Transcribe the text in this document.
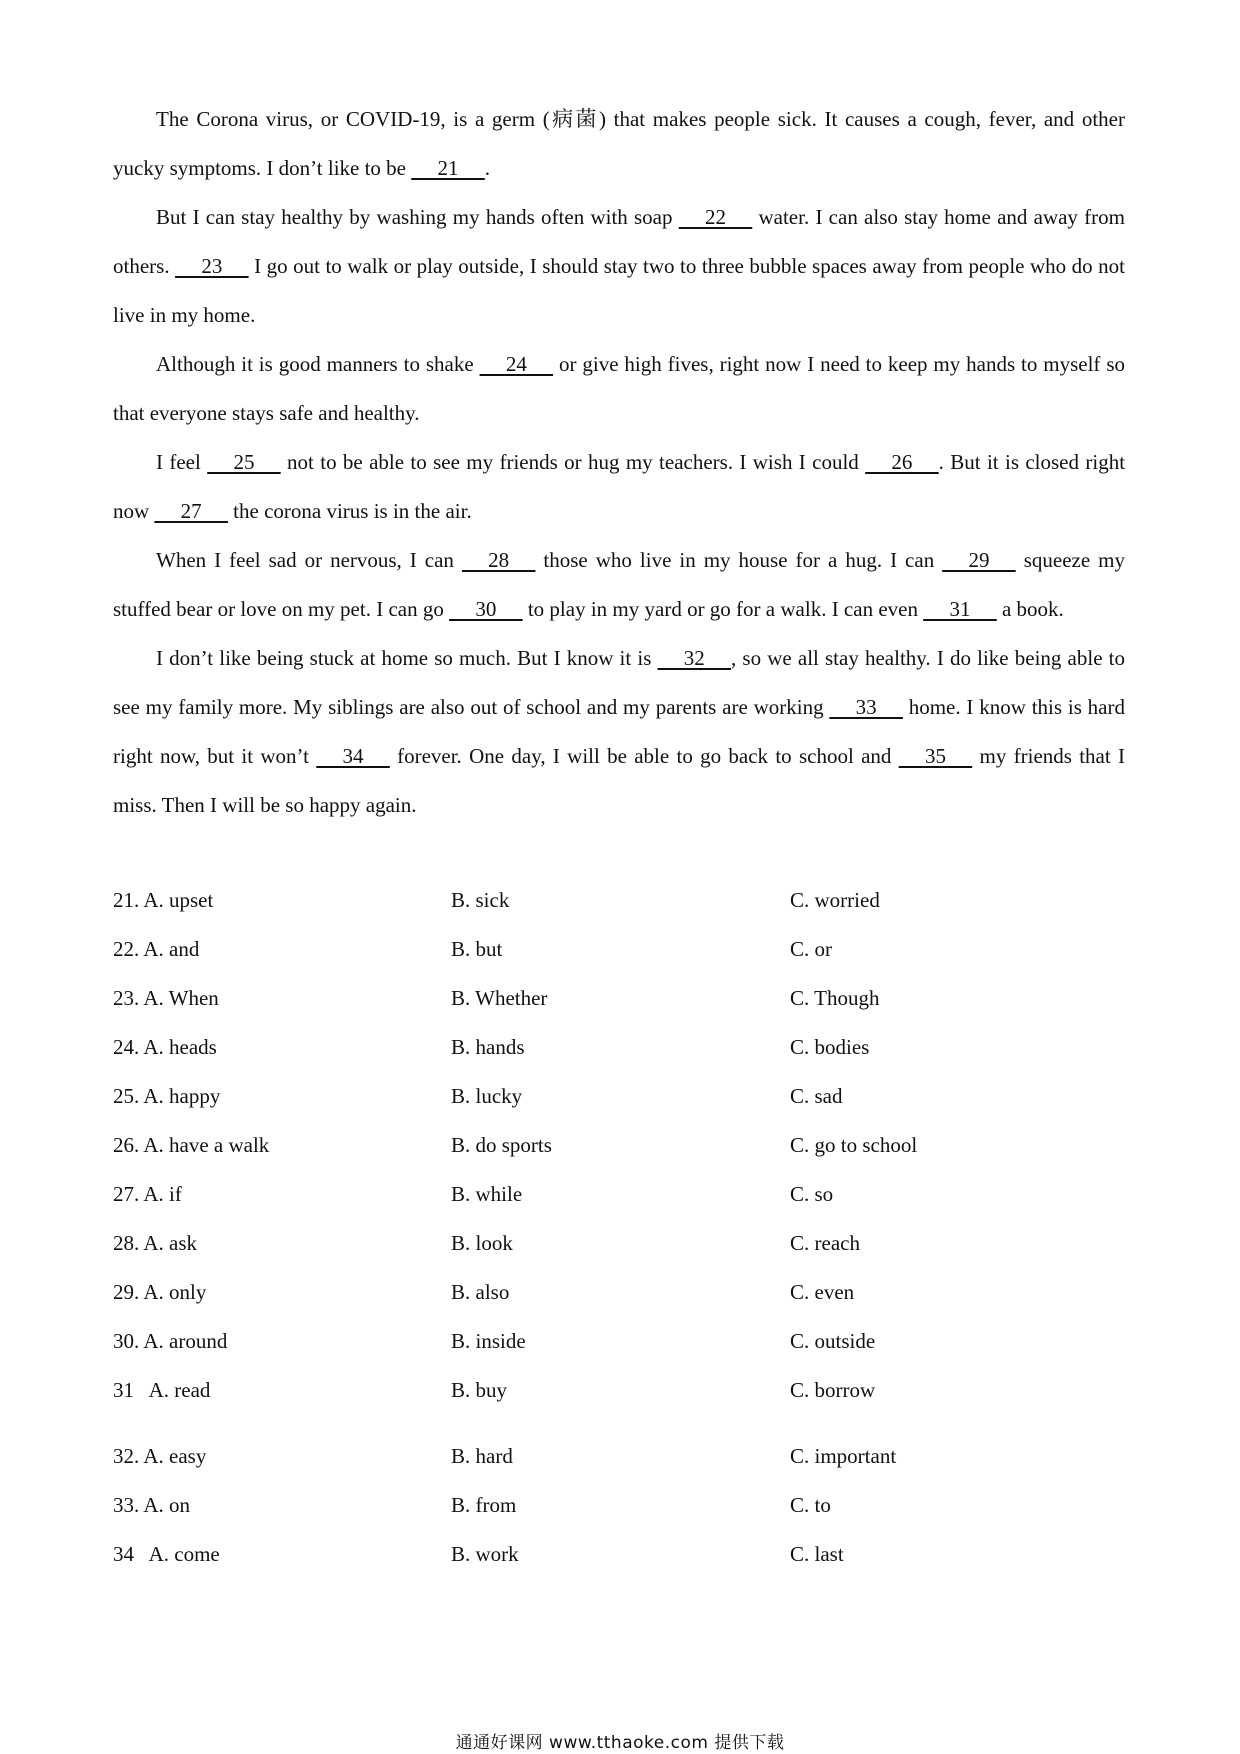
The Corona virus, or COVID-19, is a germ (病菌) that makes people sick. It causes a cough, fever, and other yucky symptoms. I don’t like to be      21     .

But I can stay healthy by washing my hands often with soap      22      water. I can also stay home and away from others.      23      I go out to walk or play outside, I should stay two to three bubble spaces away from people who do not live in my home.

Although it is good manners to shake      24      or give high fives, right now I need to keep my hands to myself so that everyone stays safe and healthy.

I feel      25      not to be able to see my friends or hug my teachers. I wish I could      26     . But it is closed right now      27      the corona virus is in the air.

When I feel sad or nervous, I can      28      those who live in my house for a hug. I can      29      squeeze my stuffed bear or love on my pet. I can go      30      to play in my yard or go for a walk. I can even      31      a book.

I don’t like being stuck at home so much. But I know it is      32     , so we all stay healthy. I do like being able to see my family more. My siblings are also out of school and my parents are working      33      home. I know this is hard right now, but it won’t      34      forever. One day, I will be able to go back to school and      35      my friends that I miss. Then I will be so happy again.

21. A. upset	B. sick	C. worried
22. A. and	B. but	C. or
23. A. When	B. Whether	C. Though
24. A. heads	B. hands	C. bodies
25. A. happy	B. lucky	C. sad
26. A. have a walk	B. do sports	C. go to school
27. A. if	B. while	C. so
28. A. ask	B. look	C. reach
29. A. only	B. also	C. even
30. A. around	B. inside	C. outside
31   A. read	B. buy	C. borrow
32. A. easy	B. hard	C. important
33. A. on	B. from	C. to
34   A. come	B. work	C. last
通通好课网 www.tthaoke.com 提供下载
